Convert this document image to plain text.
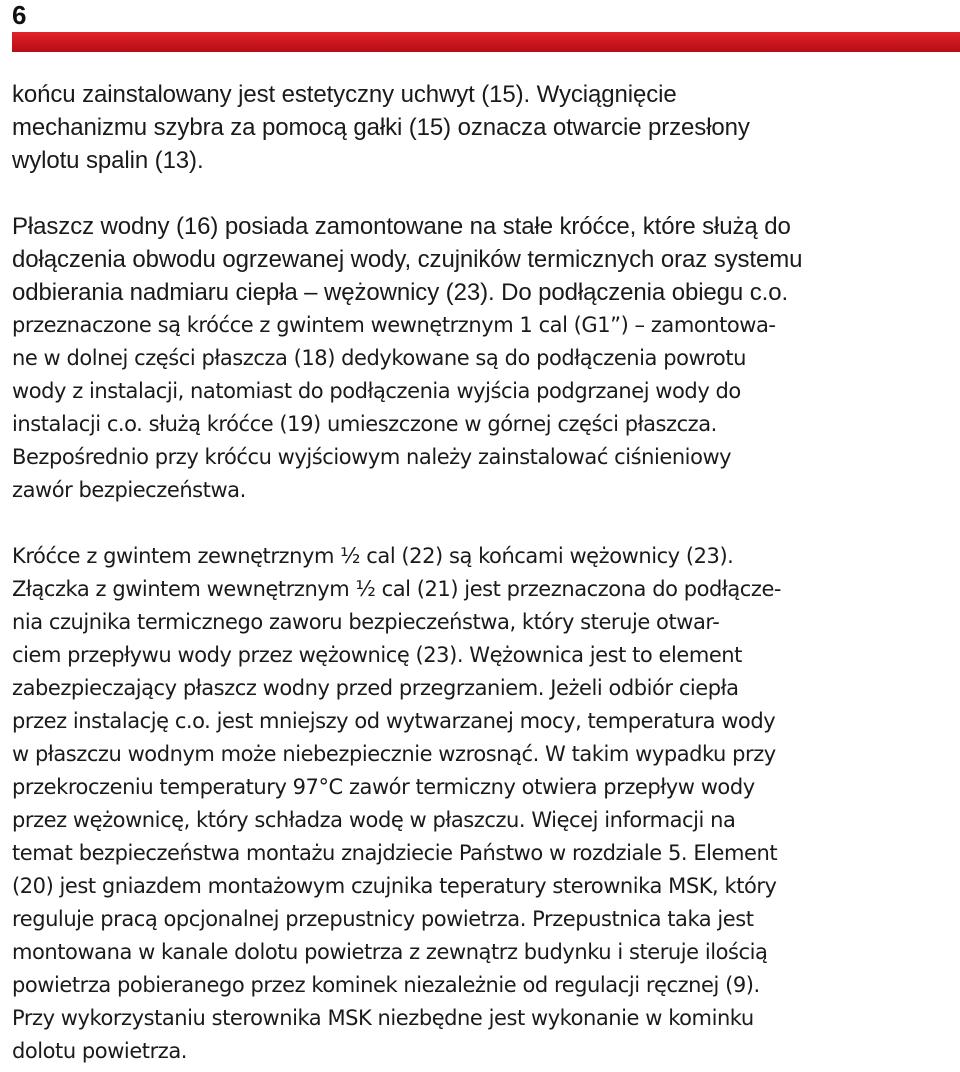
6
końcu zainstalowany jest estetyczny uchwyt (15). Wyciągnięcie
mechanizmu szybra za pomocą gałki (15) oznacza otwarcie przesłony
wylotu spalin (13).
Płaszcz wodny (16) posiada zamontowane na stałe króćce, które służą do
dołączenia obwodu ogrzewanej wody, czujników termicznych oraz systemu
odbierania nadmiaru ciepła – wężownicy (23). Do podłączenia obiegu c.o.
przeznaczone są króćce z gwintem wewnętrznym 1 cal (G1”) – zamontowa-
ne w dolnej części płaszcza (18) dedykowane są do podłączenia powrotu
wody z instalacji, natomiast do podłączenia wyjścia podgrzanej wody do
instalacji c.o. służą króćce (19) umieszczone w górnej części płaszcza.
Bezpośrednio przy króćcu wyjściowym należy zainstalować ciśnieniowy
zawór bezpieczeństwa.
Króćce z gwintem zewnętrznym ½ cal (22) są końcami wężownicy (23).
Złączka z gwintem wewnętrznym ½ cal (21) jest przeznaczona do podłącze-
nia czujnika termicznego zaworu bezpieczeństwa, który steruje otwar-
ciem przepływu wody przez wężownicę (23). Wężownica jest to element
zabezpieczający płaszcz wodny przed przegrzaniem. Jeżeli odbiór ciepła
przez instalację c.o. jest mniejszy od wytwarzanej mocy, temperatura wody
w płaszczu wodnym może niebezpiecznie wzrosnąć. W takim wypadku przy
przekroczeniu temperatury 97°C zawór termiczny otwiera przepływ wody
przez wężownicę, który schładza wodę w płaszczu. Więcej informacji na
temat bezpieczeństwa montażu znajdziecie Państwo w rozdziale 5. Element
(20) jest gniazdem montażowym czujnika teperatury sterownika MSK, który
reguluje pracą opcjonalnej przepustnicy powietrza. Przepustnica taka jest
montowana w kanale dolotu powietrza z zewnątrz budynku i steruje ilością
powietrza pobieranego przez kominek niezależnie od regulacji ręcznej (9).
Przy wykorzystaniu sterownika MSK niezbędne jest wykonanie w kominku
dolotu powietrza.
